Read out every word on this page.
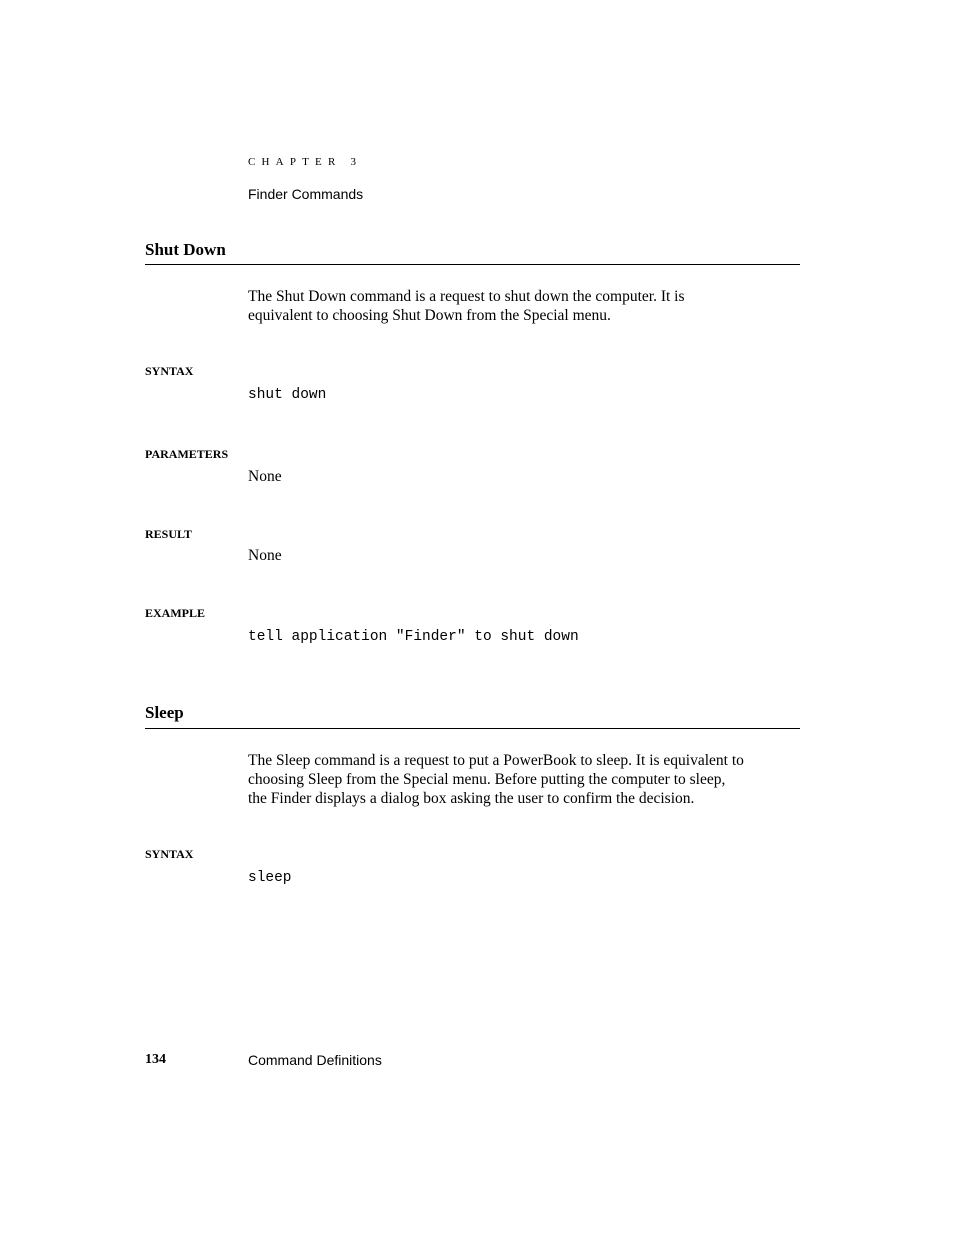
CHAPTER 3
Finder Commands
Shut Down
The Shut Down command is a request to shut down the computer. It is
equivalent to choosing Shut Down from the Special menu.
SYNTAX
shut down
PARAMETERS
None
RESULT
None
EXAMPLE
tell application "Finder" to shut down
Sleep
The Sleep command is a request to put a PowerBook to sleep. It is equivalent to
choosing Sleep from the Special menu. Before putting the computer to sleep,
the Finder displays a dialog box asking the user to confirm the decision.
SYNTAX
sleep
134	Command Definitions
